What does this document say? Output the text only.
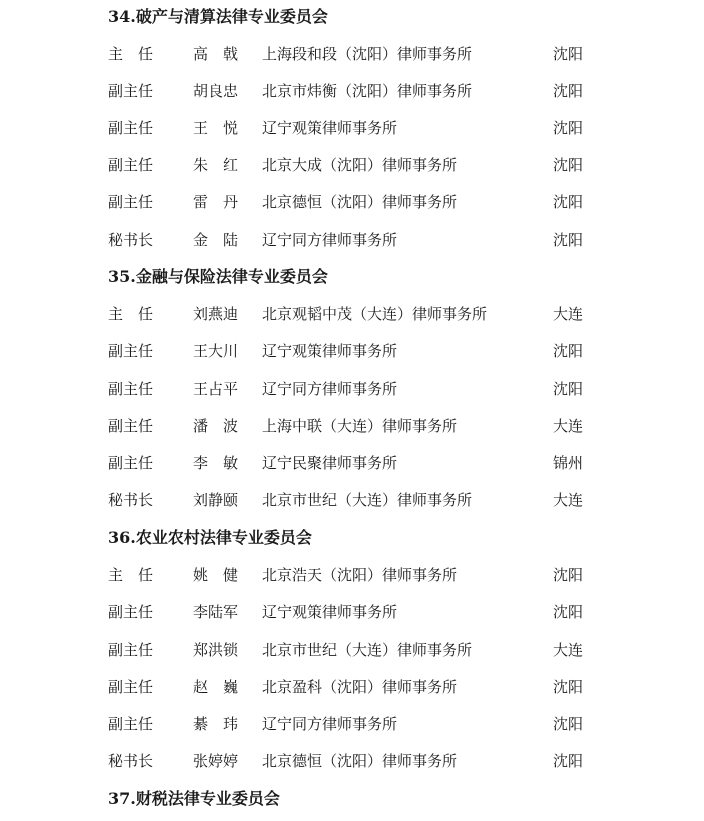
34.破产与清算法律专业委员会
主　任	高　戟	上海段和段（沈阳）律师事务所	沈阳
副主任	胡良忠	北京市炜衡（沈阳）律师事务所	沈阳
副主任	王　悦	辽宁观策律师事务所	沈阳
副主任	朱　红	北京大成（沈阳）律师事务所	沈阳
副主任	雷　丹	北京德恒（沈阳）律师事务所	沈阳
秘书长	金　陆	辽宁同方律师事务所	沈阳
35.金融与保险法律专业委员会
主　任	刘燕迪	北京观韬中茂（大连）律师事务所	大连
副主任	王大川	辽宁观策律师事务所	沈阳
副主任	王占平	辽宁同方律师事务所	沈阳
副主任	潘　波	上海中联（大连）律师事务所	大连
副主任	李　敏	辽宁民聚律师事务所	锦州
秘书长	刘静颐	北京市世纪（大连）律师事务所	大连
36.农业农村法律专业委员会
主　任	姚　健	北京浩天（沈阳）律师事务所	沈阳
副主任	李陆军	辽宁观策律师事务所	沈阳
副主任	郑洪锁	北京市世纪（大连）律师事务所	大连
副主任	赵　巍	北京盈科（沈阳）律师事务所	沈阳
副主任	綦　玮	辽宁同方律师事务所	沈阳
秘书长	张婷婷	北京德恒（沈阳）律师事务所	沈阳
37.财税法律专业委员会
